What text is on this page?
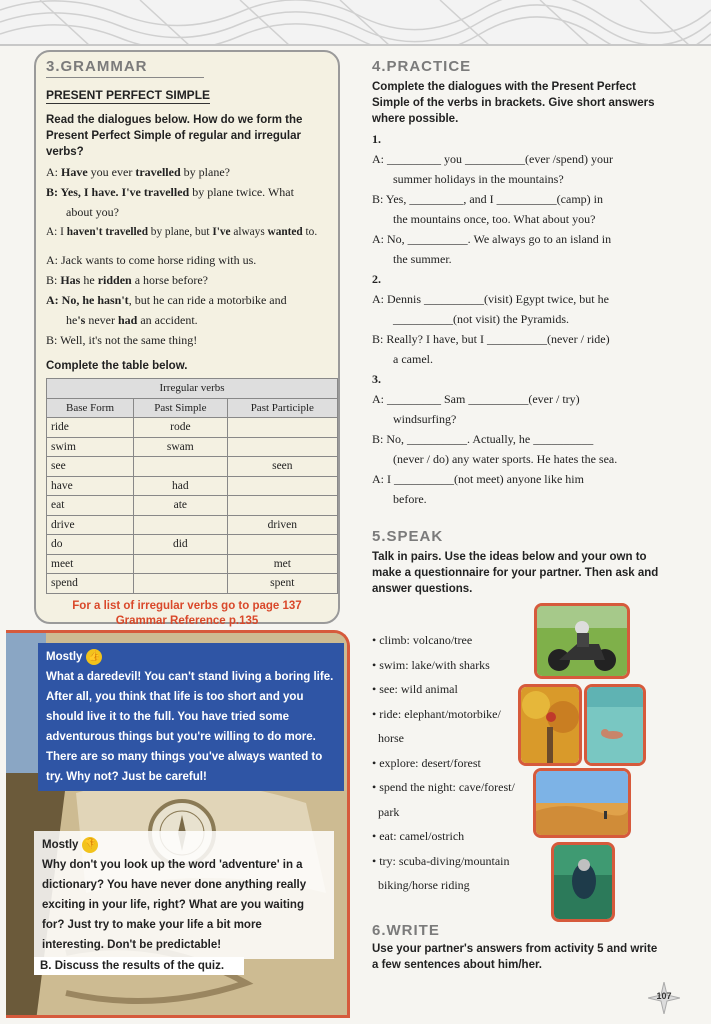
3.GRAMMAR
PRESENT PERFECT SIMPLE
Read the dialogues below. How do we form the Present Perfect Simple of regular and irregular verbs?
A: Have you ever travelled by plane?
B: Yes, I have. I've travelled by plane twice. What
about you?
A: I haven't travelled by plane, but I've always wanted to.
A: Jack wants to come horse riding with us.
B: Has he ridden a horse before?
A: No, he hasn't, but he can ride a motorbike and
he's never had an accident.
B: Well, it's not the same thing!
Complete the table below.
Irregular verbs		
Base Form	Past Simple	Past Participle
ride	rode	
swim	swam	
see		seen
have	had	
eat	ate	
drive		driven
do	did	
meet		met
spend		spent
For a list of irregular verbs go to page 137
Grammar Reference p.135
Mostly 👍
What a daredevil! You can't stand living a boring life. After all, you think that life is too short and you should live it to the full. You have tried some adventurous things but you're willing to do more. There are so many things you've always wanted to try. Why not? Just be careful!
Mostly 👎
Why don't you look up the word 'adventure' in a dictionary? You have never done anything really exciting in your life, right? What are you waiting for? Just try to make your life a bit more interesting. Don't be predictable!
B. Discuss the results of the quiz.
4.PRACTICE
Complete the dialogues with the Present Perfect Simple of the verbs in brackets. Give short answers where possible.
1.
A: _________ you __________(ever /spend) your
summer holidays in the mountains?
B: Yes, _________, and I __________(camp) in
the mountains once, too. What about you?
A: No, __________. We always go to an island in
the summer.
2.
A: Dennis __________(visit) Egypt twice, but he
__________(not visit) the Pyramids.
B: Really? I have, but I __________(never / ride)
a camel.
3.
A: _________ Sam __________(ever / try)
windsurfing?
B: No, __________. Actually, he __________
(never / do) any water sports. He hates the sea.
A: I __________(not meet) anyone like him
before.
5.SPEAK
Talk in pairs. Use the ideas below and your own to make a questionnaire for your partner. Then ask and answer questions.
• climb: volcano/tree
• swim: lake/with sharks
• see: wild animal
• ride: elephant/motorbike/
horse
• explore: desert/forest
• spend the night: cave/forest/
park
• eat: camel/ostrich
• try: scuba-diving/mountain
biking/horse riding
6.WRITE
Use your partner's answers from activity 5 and write a few sentences about him/her.
107
